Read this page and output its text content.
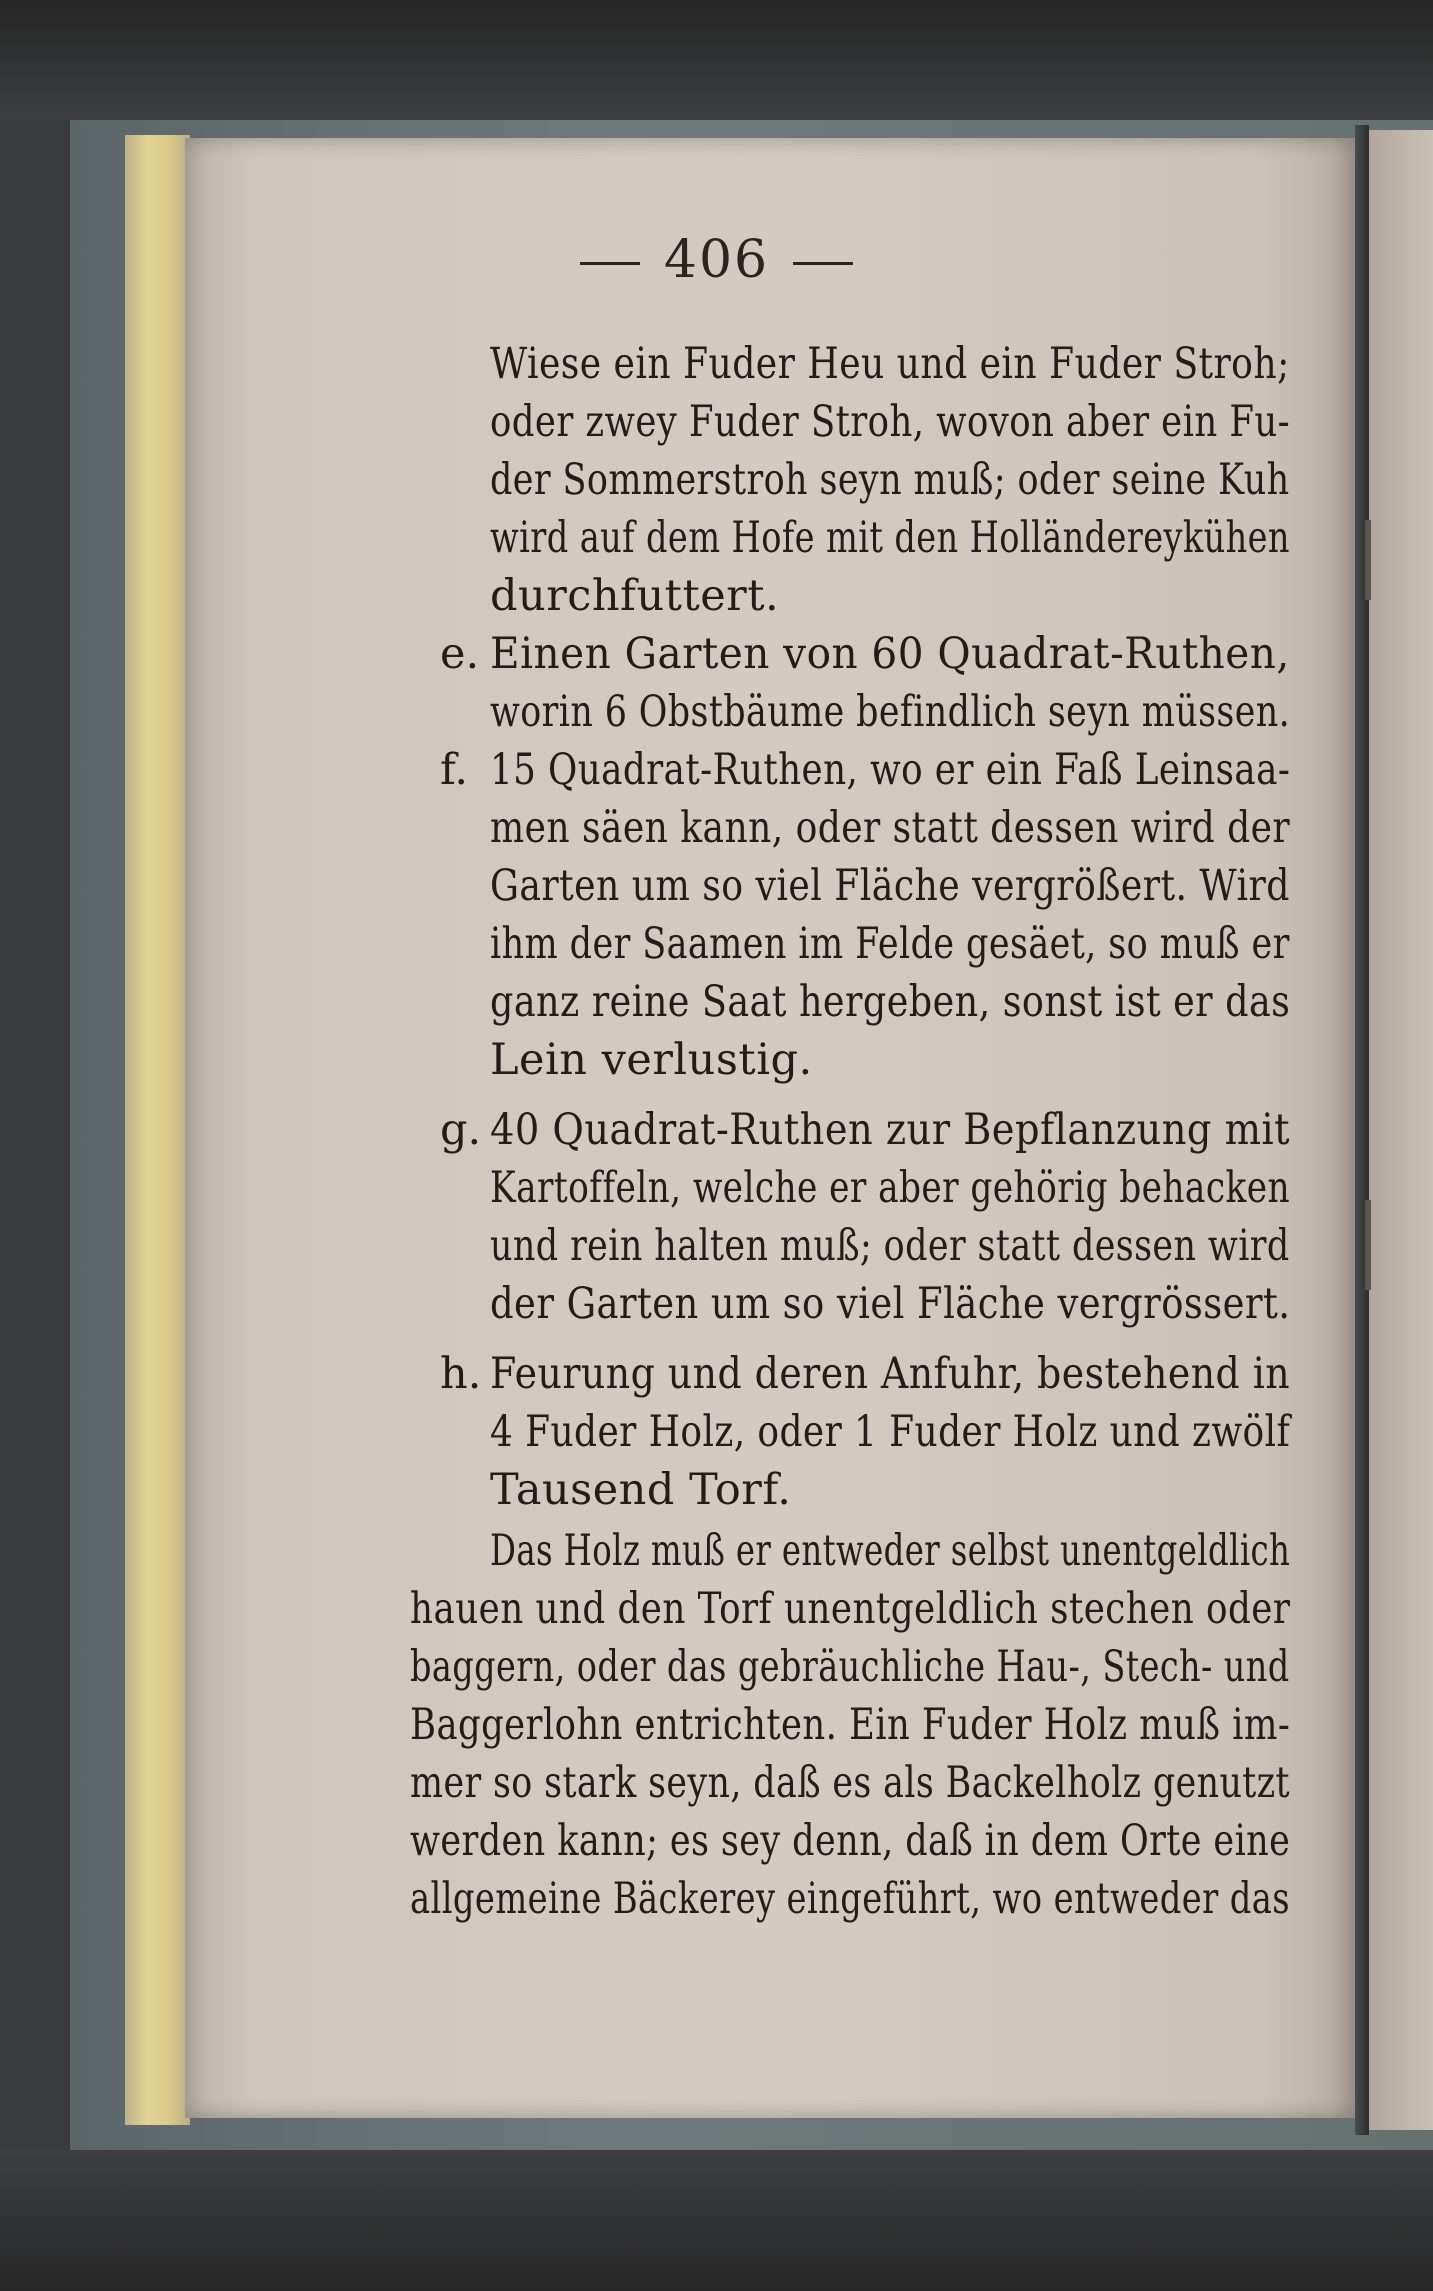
406
Wiese ein Fuder Heu und ein Fuder Stroh;
oder zwey Fuder Stroh, wovon aber ein Fu-
der Sommerstroh seyn muß; oder seine Kuh
wird auf dem Hofe mit den Holländereykühen
durchfuttert.
e. Einen Garten von 60 Quadrat-Ruthen,
worin 6 Obstbäume befindlich seyn müssen.
f. 15 Quadrat-Ruthen, wo er ein Faß Leinsaa-
men säen kann, oder statt dessen wird der
Garten um so viel Fläche vergrößert. Wird
ihm der Saamen im Felde gesäet, so muß er
ganz reine Saat hergeben, sonst ist er das
Lein verlustig.
g. 40 Quadrat-Ruthen zur Bepflanzung mit
Kartoffeln, welche er aber gehörig behacken
und rein halten muß; oder statt dessen wird
der Garten um so viel Fläche vergrössert.
h. Feurung und deren Anfuhr, bestehend in
4 Fuder Holz, oder 1 Fuder Holz und zwölf
Tausend Torf.
Das Holz muß er entweder selbst unentgeldlich
hauen und den Torf unentgeldlich stechen oder
baggern, oder das gebräuchliche Hau-, Stech- und
Baggerlohn entrichten. Ein Fuder Holz muß im-
mer so stark seyn, daß es als Backelholz genutzt
werden kann; es sey denn, daß in dem Orte eine
allgemeine Bäckerey eingeführt, wo entweder das
